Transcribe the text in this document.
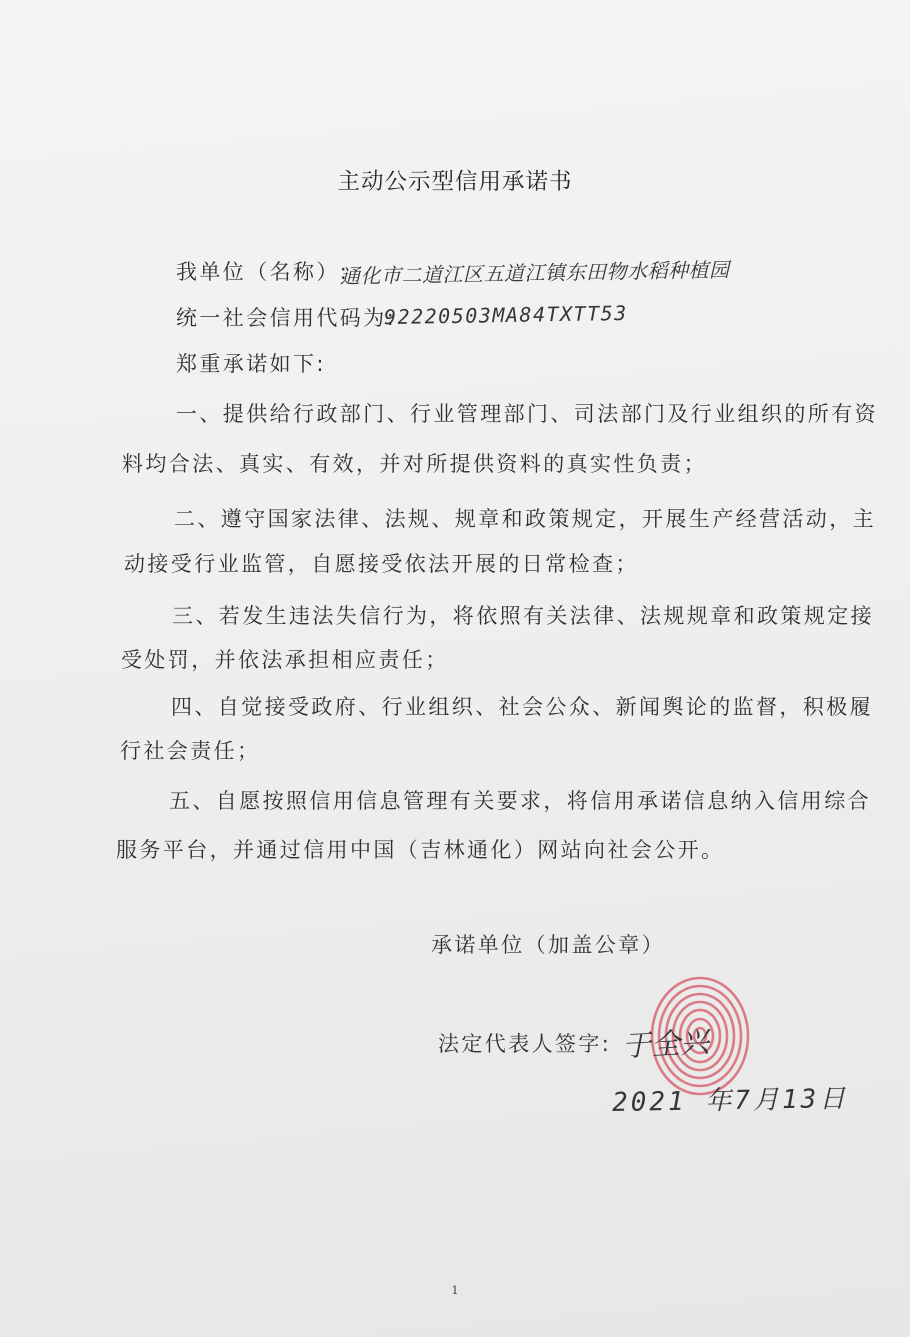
主动公示型信用承诺书
我单位（名称）:
通化市二道江区五道江镇东田物水稻种植园
统一社会信用代码为:
92220503MA84TXTT53
郑重承诺如下:
一、提供给行政部门、行业管理部门、司法部门及行业组织的所有资
料均合法、真实、有效，并对所提供资料的真实性负责；
二、遵守国家法律、法规、规章和政策规定，开展生产经营活动，主
动接受行业监管，自愿接受依法开展的日常检查；
三、若发生违法失信行为，将依照有关法律、法规规章和政策规定接
受处罚，并依法承担相应责任；
四、自觉接受政府、行业组织、社会公众、新闻舆论的监督，积极履
行社会责任；
五、自愿按照信用信息管理有关要求，将信用承诺信息纳入信用综合
服务平台，并通过信用中国（吉林通化）网站向社会公开。
承诺单位（加盖公章）
法定代表人签字: 于全兴
2021 年7月13日
1
